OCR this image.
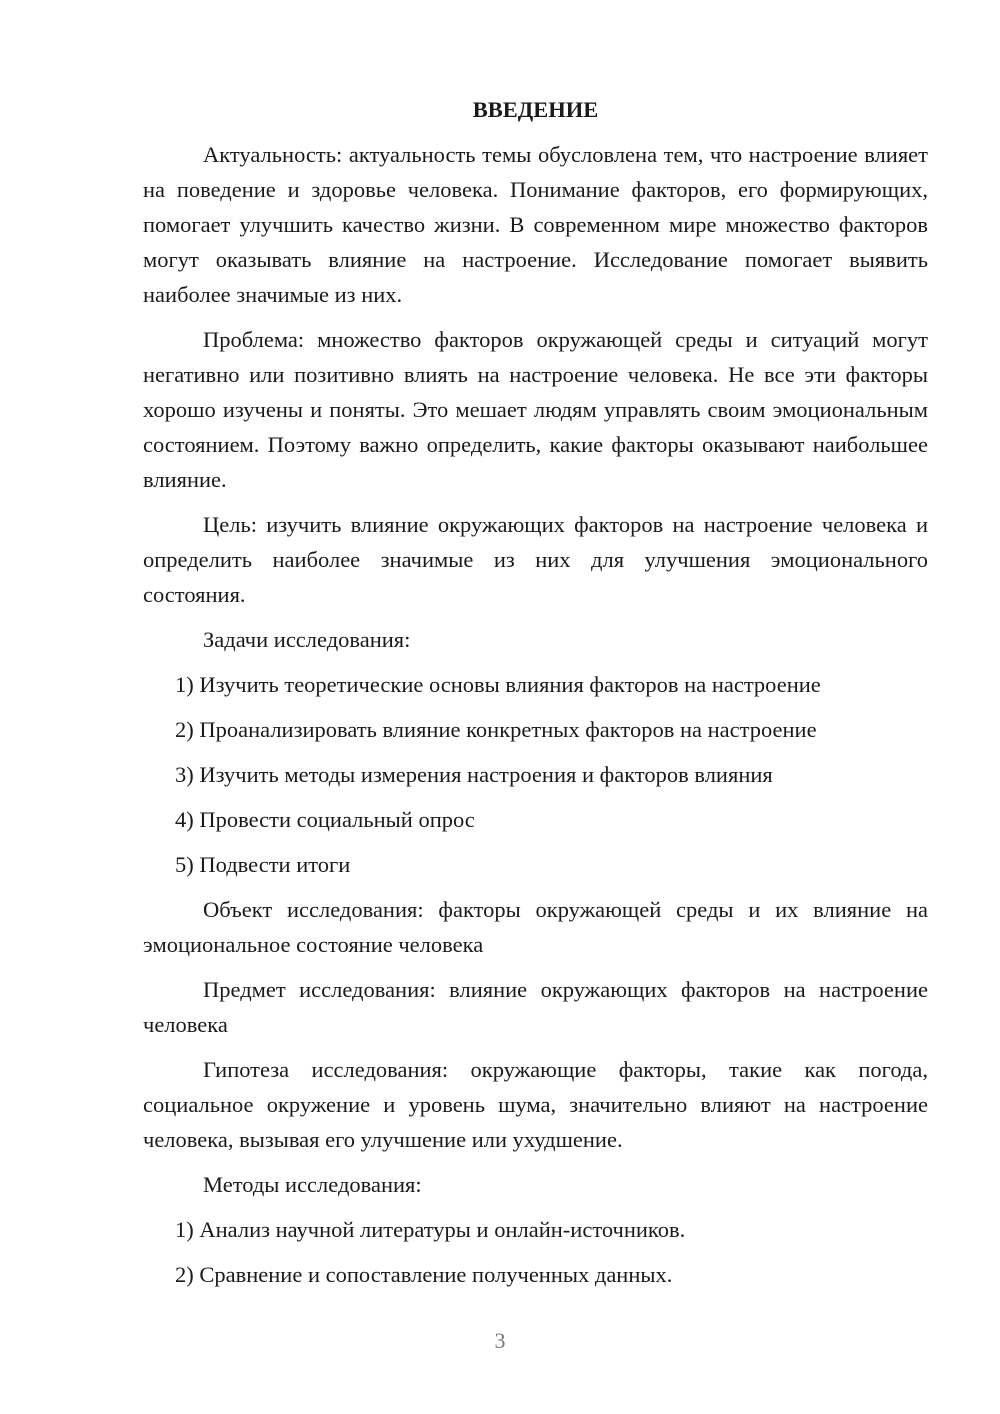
ВВЕДЕНИЕ

Актуальность: актуальность темы обусловлена тем, что настроение влияет на поведение и здоровье человека. Понимание факторов, его формирующих, помогает улучшить качество жизни. В современном мире множество факторов могут оказывать влияние на настроение. Исследование помогает выявить наиболее значимые из них.

Проблема: множество факторов окружающей среды и ситуаций могут негативно или позитивно влиять на настроение человека. Не все эти факторы хорошо изучены и поняты. Это мешает людям управлять своим эмоциональным состоянием. Поэтому важно определить, какие факторы оказывают наибольшее влияние.

Цель: изучить влияние окружающих факторов на настроение человека и определить наиболее значимые из них для улучшения эмоционального состояния.

Задачи исследования:

1) Изучить теоретические основы влияния факторов на настроение

2) Проанализировать влияние конкретных факторов на настроение

3) Изучить методы измерения настроения и факторов влияния

4) Провести социальный опрос

5) Подвести итоги

Объект исследования: факторы окружающей среды и их влияние на эмоциональное состояние человека

Предмет исследования: влияние окружающих факторов на настроение человека

Гипотеза исследования: окружающие факторы, такие как погода, социальное окружение и уровень шума, значительно влияют на настроение человека, вызывая его улучшение или ухудшение.

Методы исследования:

1) Анализ научной литературы и онлайн-источников.

2) Сравнение и сопоставление полученных данных.

3
